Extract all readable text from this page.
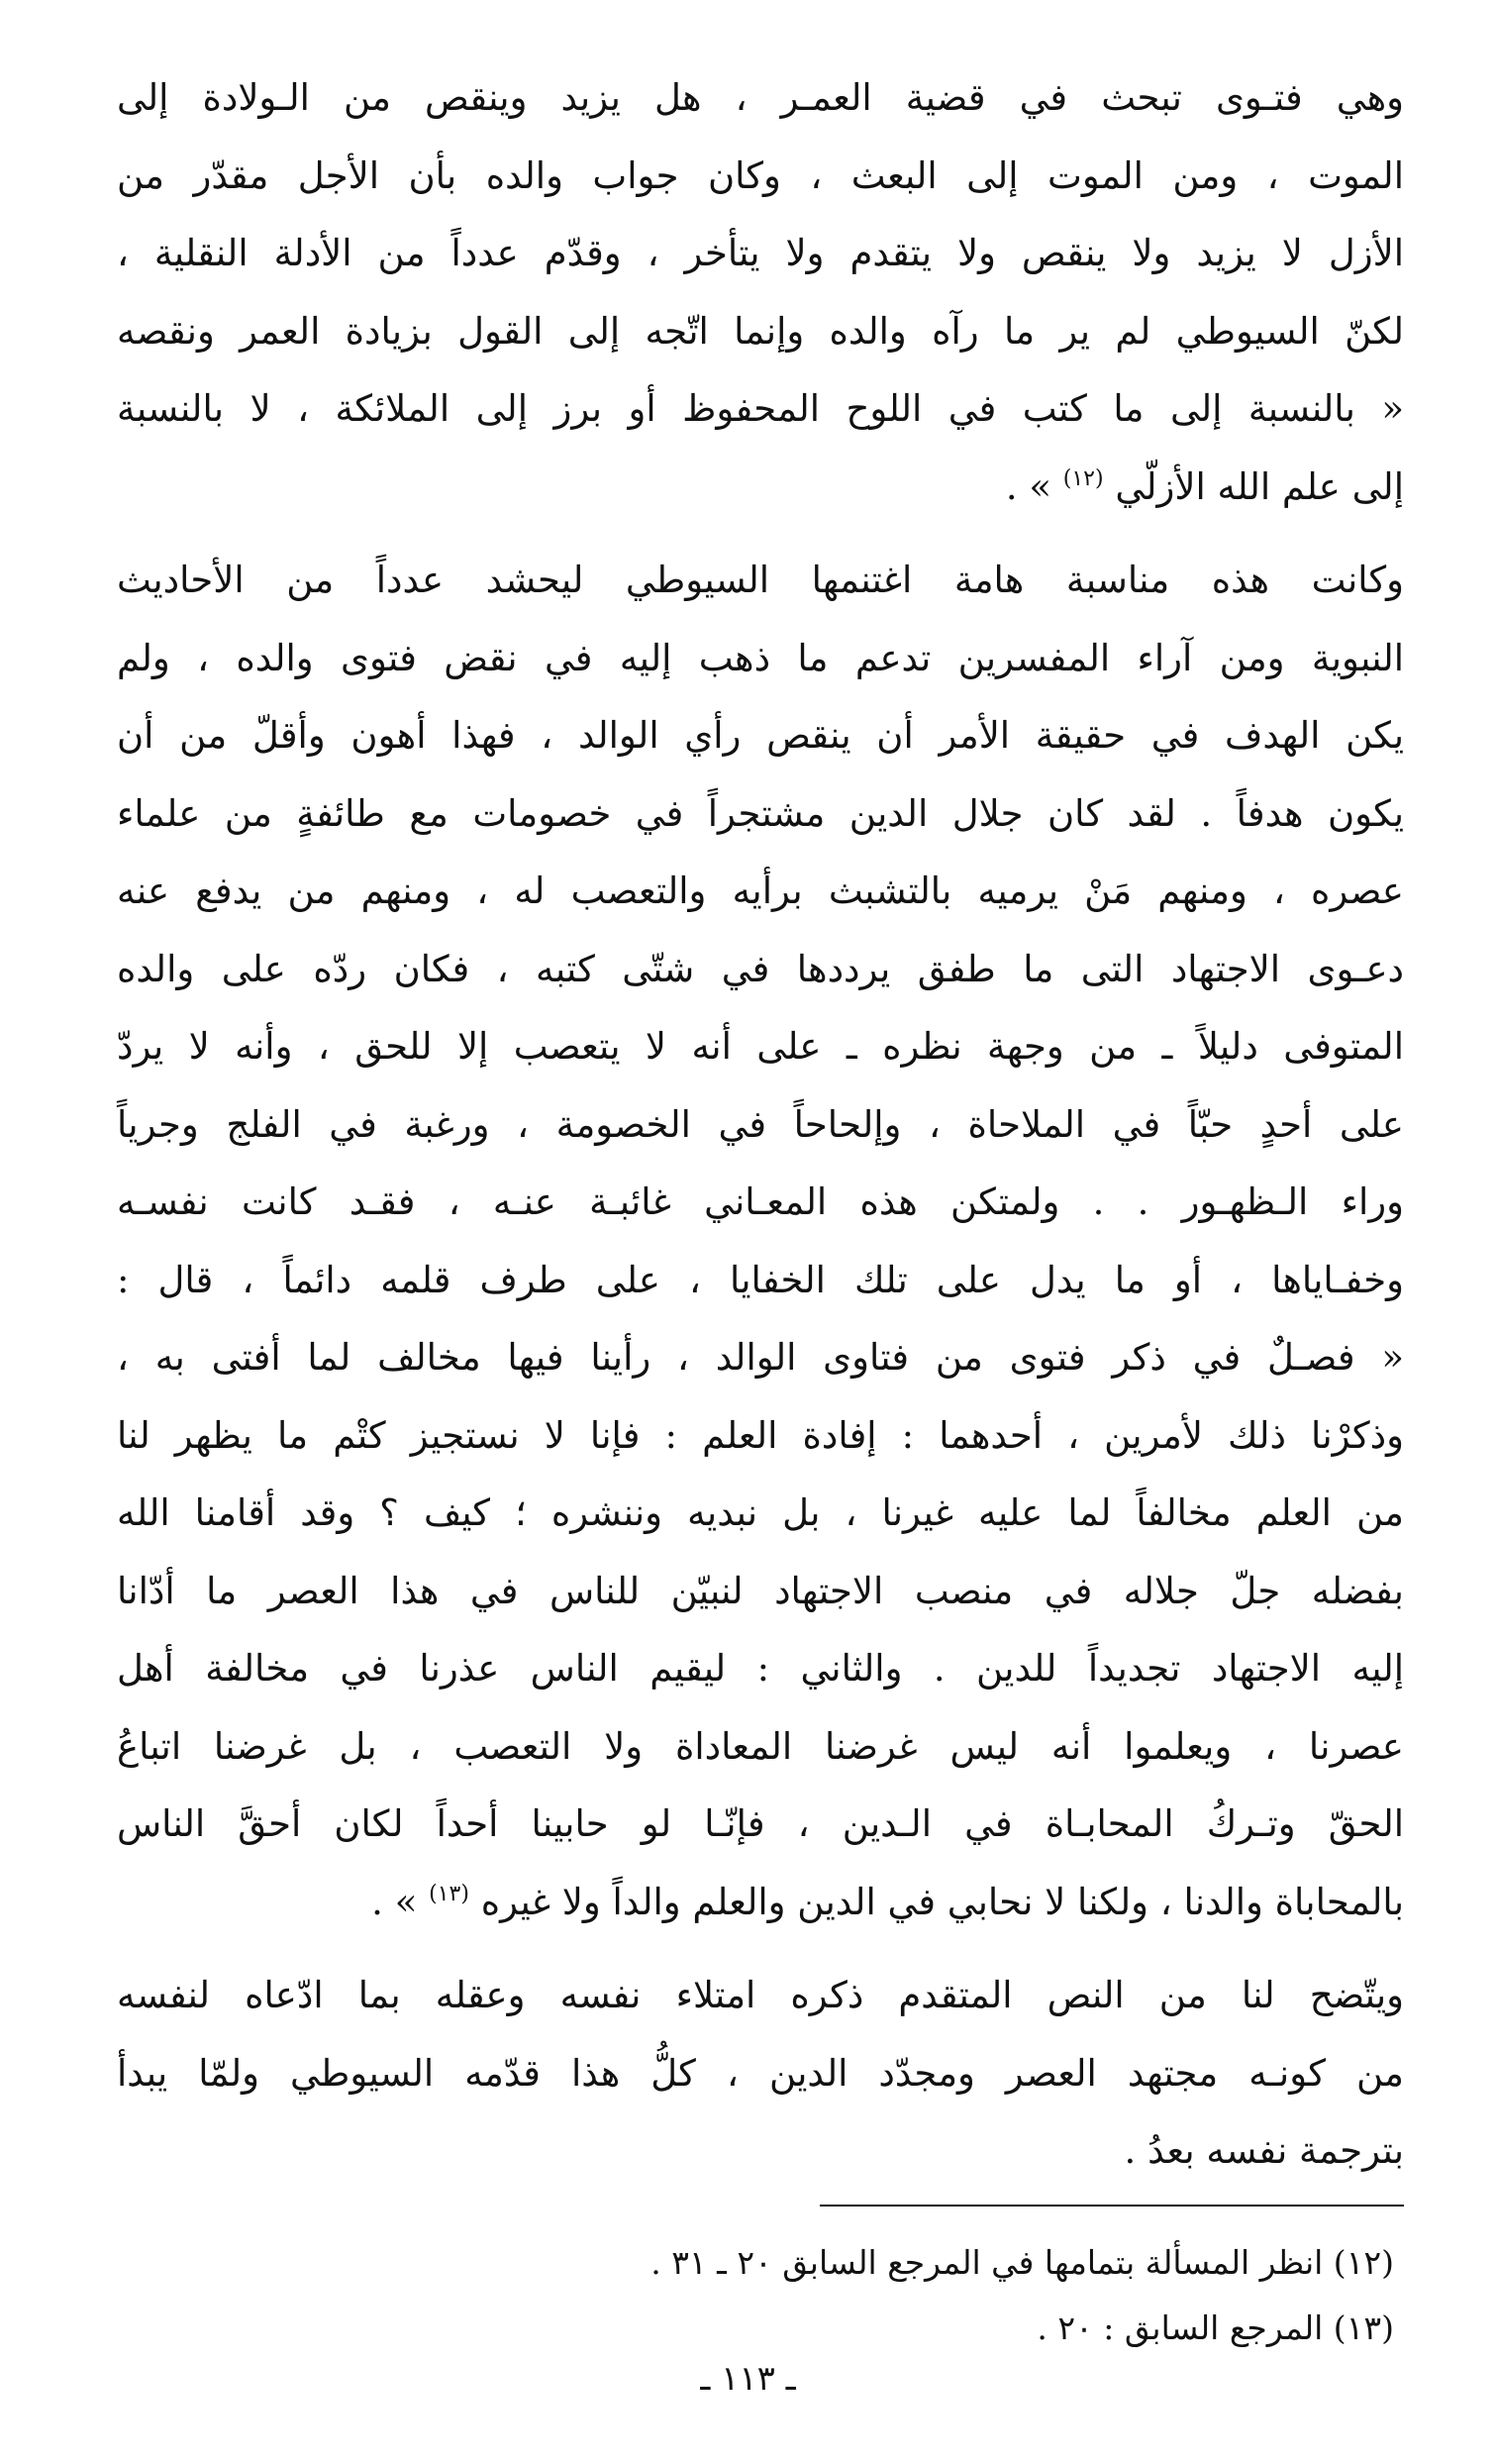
وهي فتـوى تبحث في قضية العمـر ، هل يزيد وينقص من الـولادة إلى
الموت ، ومن الموت إلى البعث ، وكان جواب والده بأن الأجل مقدّر من
الأزل لا يزيد ولا ينقص ولا يتقدم ولا يتأخر ، وقدّم عدداً من الأدلة النقلية ،
لكنّ السيوطي لم ير ما رآه والده وإنما اتّجه إلى القول بزيادة العمر ونقصه
« بالنسبة إلى ما كتب في اللوح المحفوظ أو برز إلى الملائكة ، لا بالنسبة
إلى علم الله الأزلّي $^{(١٢)}$ » .

وكانت هذه مناسبة هامة اغتنمها السيوطي ليحشد عدداً من الأحاديث
النبوية ومن آراء المفسرين تدعم ما ذهب إليه في نقض فتوى والده ، ولم
يكن الهدف في حقيقة الأمر أن ينقص رأي الوالد ، فهذا أهون وأقلّ من أن
يكون هدفاً . لقد كان جلال الدين مشتجراً في خصومات مع طائفةٍ من علماء
عصره ، ومنهم مَنْ يرميه بالتشبث برأيه والتعصب له ، ومنهم من يدفع عنه
دعـوى الاجتهاد التى ما طفق يرددها في شتّى كتبه ، فكان ردّه على والده
المتوفى دليلاً ـ من وجهة نظره ـ على أنه لا يتعصب إلا للحق ، وأنه لا يردّ
على أحدٍ حبّاً في الملاحاة ، وإلحاحاً في الخصومة ، ورغبة في الفلج وجرياً
وراء الـظهـور . . ولمتكن هذه المعـاني غائبـة عنـه ، فقـد كانت نفسـه
وخفـاياها ، أو ما يدل على تلك الخفايا ، على طرف قلمه دائماً ، قال :
« فصـلٌ في ذكر فتوى من فتاوى الوالد ، رأينا فيها مخالف لما أفتى به ،
وذكرْنا ذلك لأمرين ، أحدهما : إفادة العلم : فإنا لا نستجيز كتْم ما يظهر لنا
من العلم مخالفاً لما عليه غيرنا ، بل نبديه وننشره ؛ كيف ؟ وقد أقامنا الله
بفضله جلّ جلاله في منصب الاجتهاد لنبيّن للناس في هذا العصر ما أدّانا
إليه الاجتهاد تجديداً للدين . والثاني : ليقيم الناس عذرنا في مخالفة أهل
عصرنا ، ويعلموا أنه ليس غرضنا المعاداة ولا التعصب ، بل غرضنا اتباعُ
الحقّ وتـركُ المحابـاة في الـدين ، فإنّـا لو حابينا أحداً لكان أحقَّ الناس
بالمحاباة والدنا ، ولكنا لا نحابي في الدين والعلم والداً ولا غيره $^{(١٣)}$ » .

ويتّضح لنا من النص المتقدم ذكره امتلاء نفسه وعقله بما ادّعاه لنفسه
من كونـه مجتهد العصر ومجدّد الدين ، كلُّ هذا قدّمه السيوطي ولمّا يبدأ
بترجمة نفسه بعدُ .

(١٢) انظر المسألة بتمامها في المرجع السابق ٢٠ ـ ٣١ .
(١٣) المرجع السابق : ٢٠ .
ـ ١١٣ ـ
